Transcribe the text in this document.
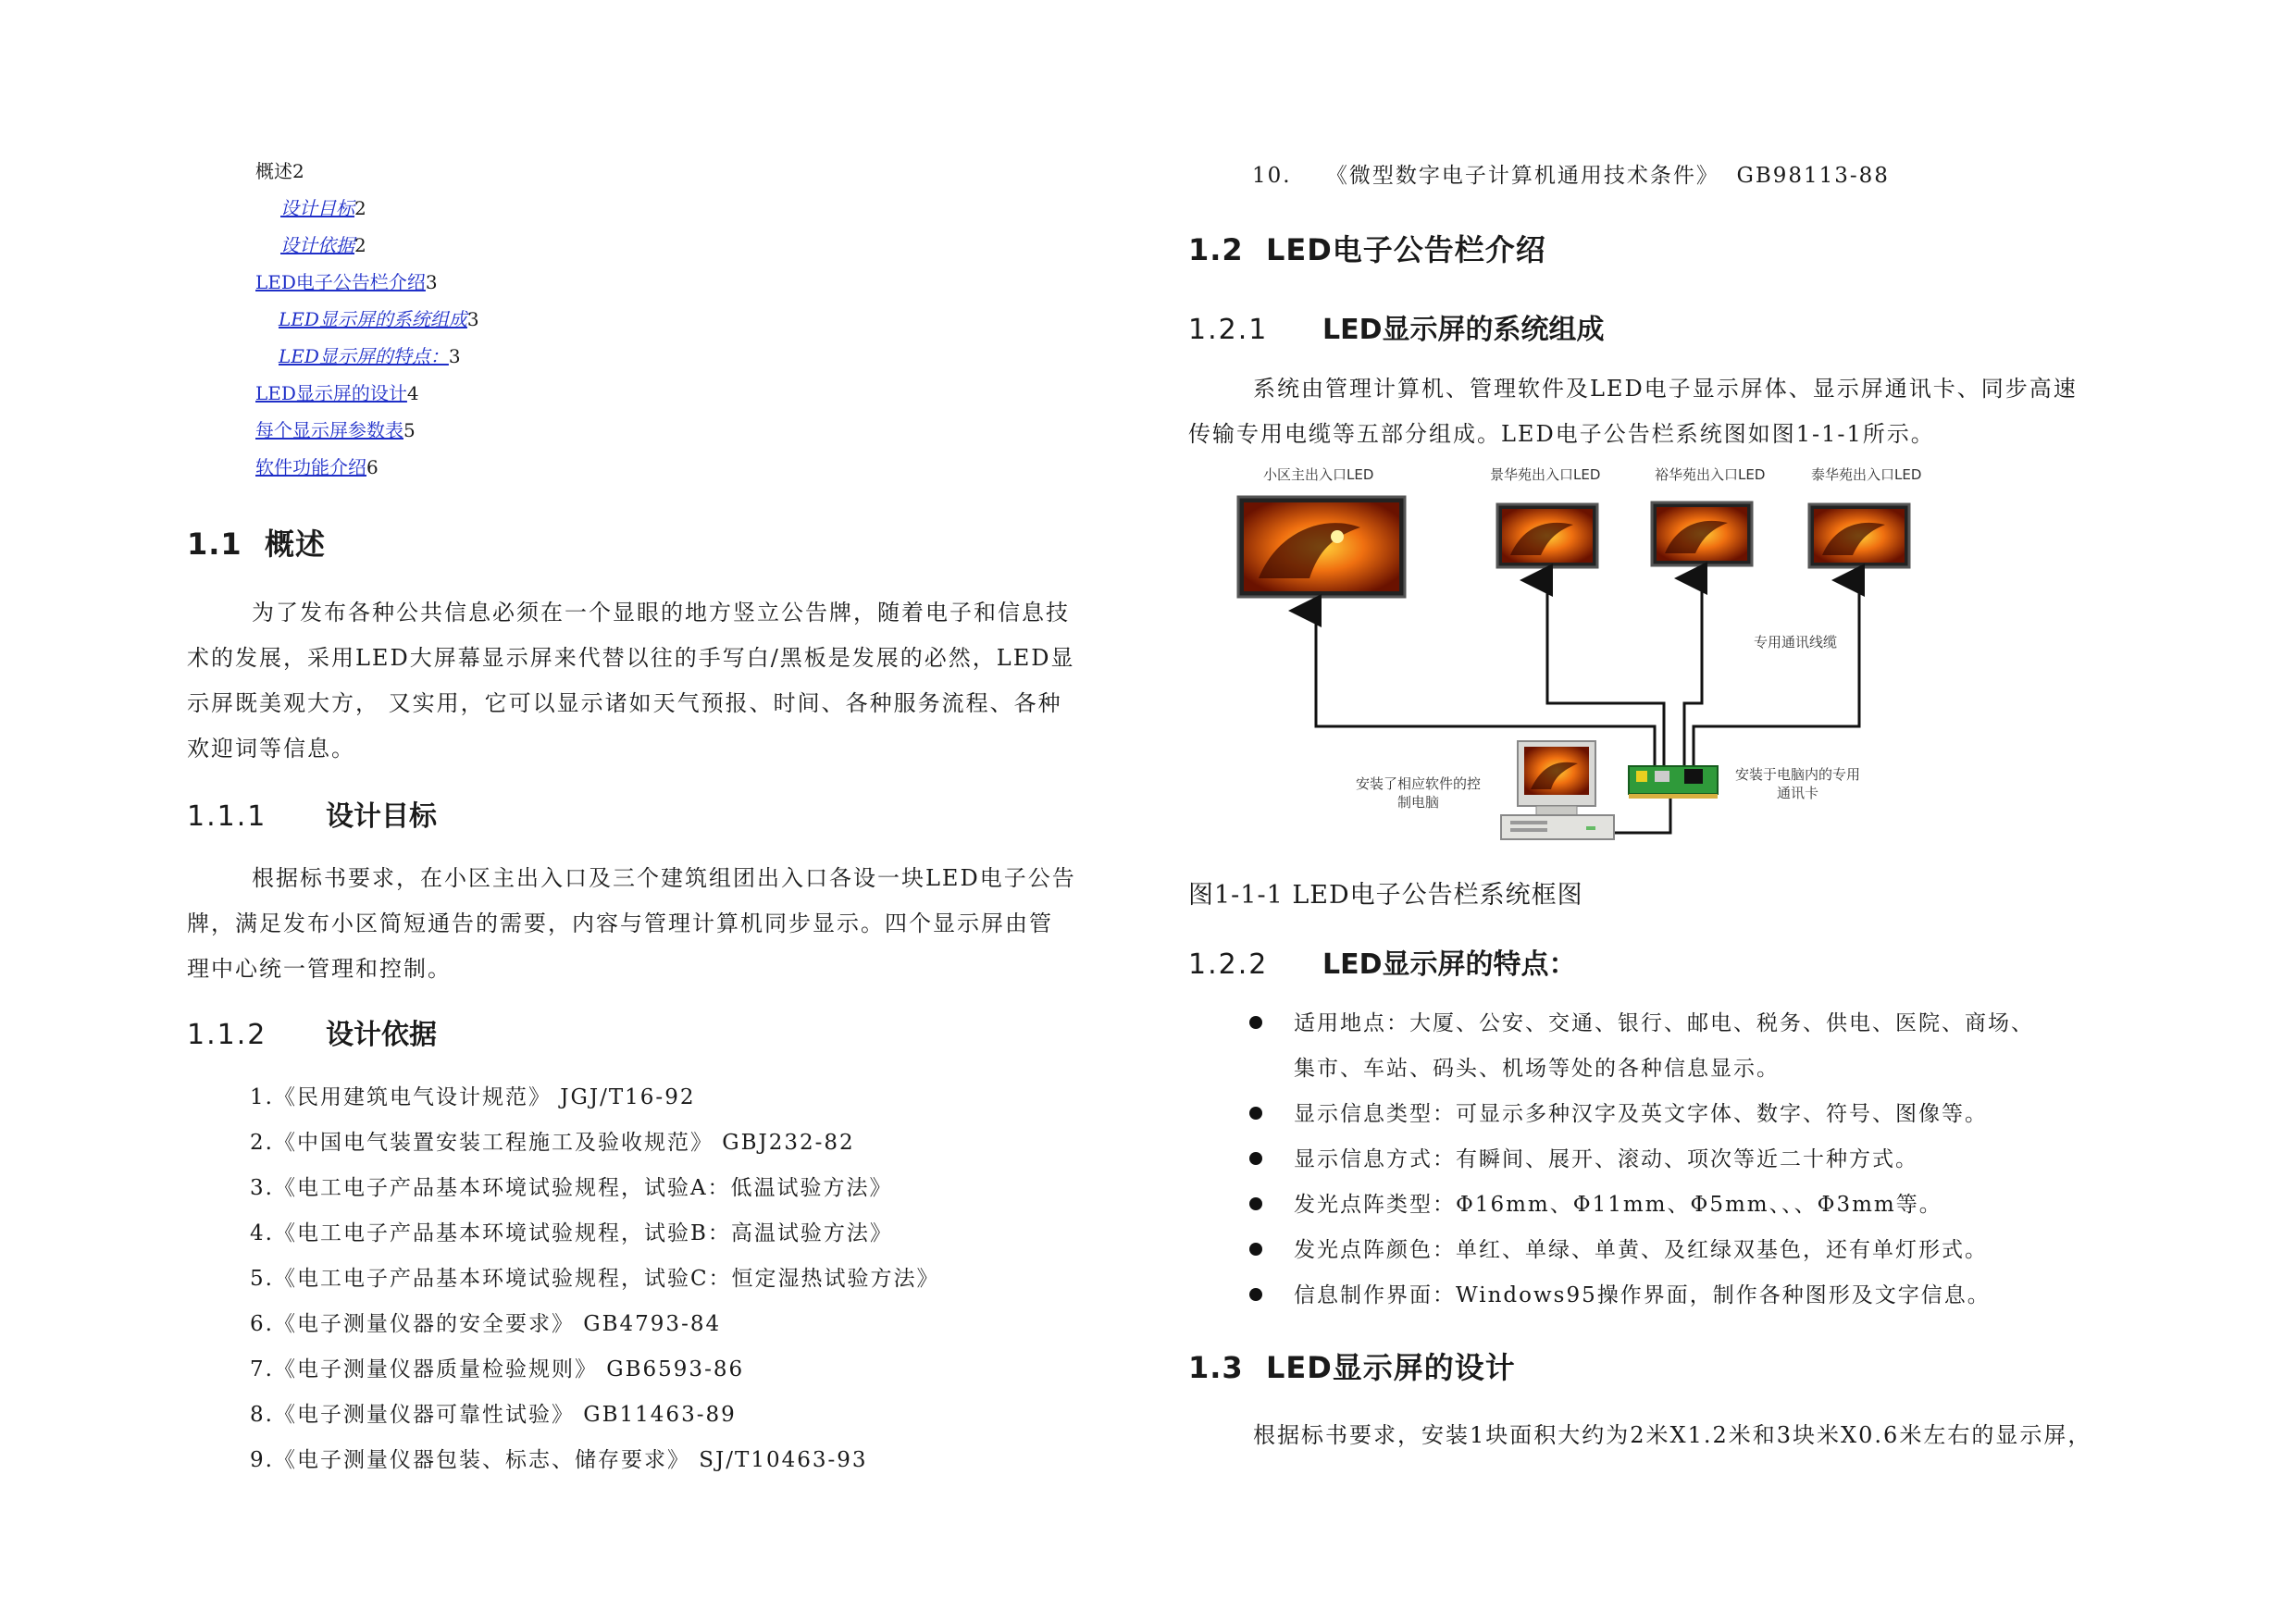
概述2
设计目标2
设计依据2
LED电子公告栏介绍3
LED显示屏的系统组成3
LED显示屏的特点：3
LED显示屏的设计4
每个显示屏参数表5
软件功能介绍6
1.1 概述
为了发布各种公共信息必须在一个显眼的地方竖立公告牌，随着电子和信息技
术的发展，采用LED大屏幕显示屏来代替以往的手写白/黑板是发展的必然，LED显
示屏既美观大方， 又实用，它可以显示诸如天气预报、时间、各种服务流程、各种
欢迎词等信息。
1.1.1 设计目标
根据标书要求，在小区主出入口及三个建筑组团出入口各设一块LED电子公告
牌，满足发布小区简短通告的需要，内容与管理计算机同步显示。四个显示屏由管
理中心统一管理和控制。
1.1.2 设计依据
1.《民用建筑电气设计规范》 JGJ/T16-92
2.《中国电气装置安装工程施工及验收规范》 GBJ232-82
3.《电工电子产品基本环境试验规程，试验A：低温试验方法》
4.《电工电子产品基本环境试验规程，试验B：高温试验方法》
5.《电工电子产品基本环境试验规程，试验C：恒定湿热试验方法》
6.《电子测量仪器的安全要求》 GB4793-84
7.《电子测量仪器质量检验规则》 GB6593-86
8.《电子测量仪器可靠性试验》 GB11463-89
9.《电子测量仪器包装、标志、储存要求》 SJ/T10463-93
10.    《微型数字电子计算机通用技术条件》  GB98113-88
1.2 LED电子公告栏介绍
1.2.1 LED显示屏的系统组成
系统由管理计算机、管理软件及LED电子显示屏体、显示屏通讯卡、同步高速
传输专用电缆等五部分组成。LED电子公告栏系统图如图1-1-1所示。
小区主出入口LED	景华苑出入口LED	裕华苑出入口LED	泰华苑出入口LED
专用通讯线缆
安装了相应软件的控
制电脑
安装于电脑内的专用
通讯卡
图1-1-1 LED电子公告栏系统框图
1.2.2 LED显示屏的特点：
适用地点：大厦、公安、交通、银行、邮电、税务、供电、医院、商场、
集市、车站、码头、机场等处的各种信息显示。
显示信息类型：可显示多种汉字及英文字体、数字、符号、图像等。
显示信息方式：有瞬间、展开、滚动、项次等近二十种方式。
发光点阵类型：Φ16mm、Φ11mm、Φ5mm、、、Φ3mm等。
发光点阵颜色：单红、单绿、单黄、及红绿双基色，还有单灯形式。
信息制作界面：Windows95操作界面，制作各种图形及文字信息。
1.3 LED显示屏的设计
根据标书要求，安装1块面积大约为2米X1.2米和3块米X0.6米左右的显示屏，
